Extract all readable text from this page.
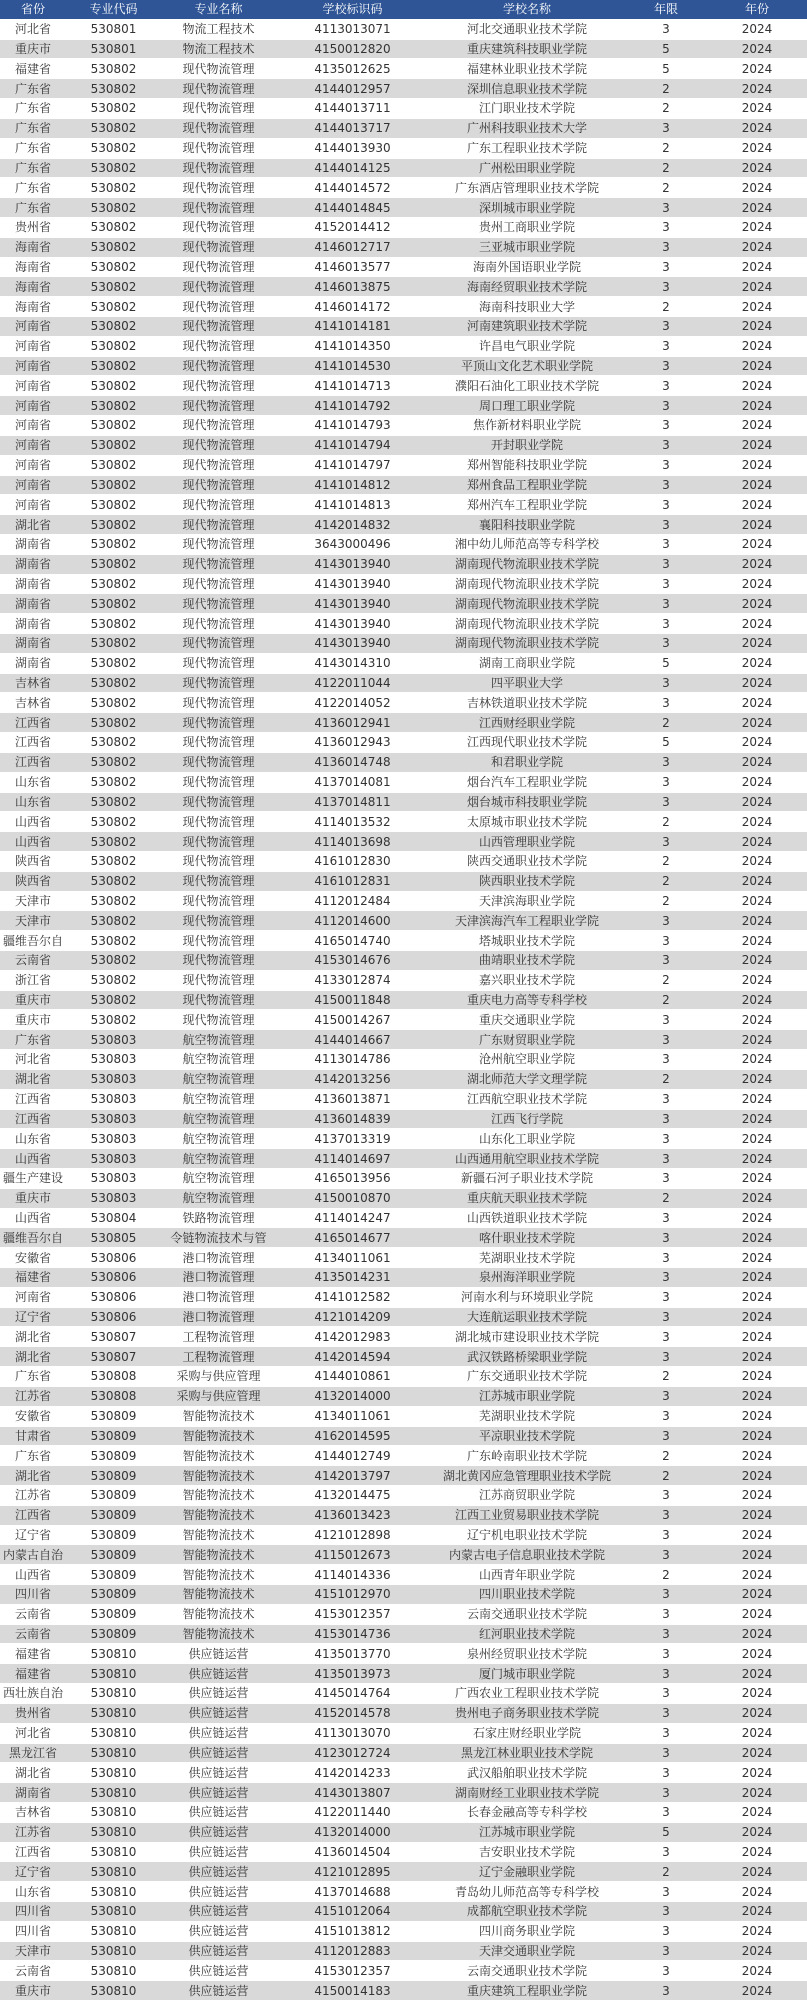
省份	专业代码	专业名称	学校标识码	学校名称	年限	年份
河北省	530801	物流工程技术	4113013071	河北交通职业技术学院	3	2024
重庆市	530801	物流工程技术	4150012820	重庆建筑科技职业学院	5	2024
福建省	530802	现代物流管理	4135012625	福建林业职业技术学院	5	2024
广东省	530802	现代物流管理	4144012957	深圳信息职业技术学院	2	2024
广东省	530802	现代物流管理	4144013711	江门职业技术学院	2	2024
广东省	530802	现代物流管理	4144013717	广州科技职业技术大学	3	2024
广东省	530802	现代物流管理	4144013930	广东工程职业技术学院	2	2024
广东省	530802	现代物流管理	4144014125	广州松田职业学院	2	2024
广东省	530802	现代物流管理	4144014572	广东酒店管理职业技术学院	2	2024
广东省	530802	现代物流管理	4144014845	深圳城市职业学院	3	2024
贵州省	530802	现代物流管理	4152014412	贵州工商职业学院	3	2024
海南省	530802	现代物流管理	4146012717	三亚城市职业学院	3	2024
海南省	530802	现代物流管理	4146013577	海南外国语职业学院	3	2024
海南省	530802	现代物流管理	4146013875	海南经贸职业技术学院	3	2024
海南省	530802	现代物流管理	4146014172	海南科技职业大学	2	2024
河南省	530802	现代物流管理	4141014181	河南建筑职业技术学院	3	2024
河南省	530802	现代物流管理	4141014350	许昌电气职业学院	3	2024
河南省	530802	现代物流管理	4141014530	平顶山文化艺术职业学院	3	2024
河南省	530802	现代物流管理	4141014713	濮阳石油化工职业技术学院	3	2024
河南省	530802	现代物流管理	4141014792	周口理工职业学院	3	2024
河南省	530802	现代物流管理	4141014793	焦作新材料职业学院	3	2024
河南省	530802	现代物流管理	4141014794	开封职业学院	3	2024
河南省	530802	现代物流管理	4141014797	郑州智能科技职业学院	3	2024
河南省	530802	现代物流管理	4141014812	郑州食品工程职业学院	3	2024
河南省	530802	现代物流管理	4141014813	郑州汽车工程职业学院	3	2024
湖北省	530802	现代物流管理	4142014832	襄阳科技职业学院	3	2024
湖南省	530802	现代物流管理	3643000496	湘中幼儿师范高等专科学校	3	2024
湖南省	530802	现代物流管理	4143013940	湖南现代物流职业技术学院	3	2024
湖南省	530802	现代物流管理	4143013940	湖南现代物流职业技术学院	3	2024
湖南省	530802	现代物流管理	4143013940	湖南现代物流职业技术学院	3	2024
湖南省	530802	现代物流管理	4143013940	湖南现代物流职业技术学院	3	2024
湖南省	530802	现代物流管理	4143013940	湖南现代物流职业技术学院	3	2024
湖南省	530802	现代物流管理	4143014310	湖南工商职业学院	5	2024
吉林省	530802	现代物流管理	4122011044	四平职业大学	3	2024
吉林省	530802	现代物流管理	4122014052	吉林铁道职业技术学院	3	2024
江西省	530802	现代物流管理	4136012941	江西财经职业学院	2	2024
江西省	530802	现代物流管理	4136012943	江西现代职业技术学院	5	2024
江西省	530802	现代物流管理	4136014748	和君职业学院	3	2024
山东省	530802	现代物流管理	4137014081	烟台汽车工程职业学院	3	2024
山东省	530802	现代物流管理	4137014811	烟台城市科技职业学院	3	2024
山西省	530802	现代物流管理	4114013532	太原城市职业技术学院	2	2024
山西省	530802	现代物流管理	4114013698	山西管理职业学院	3	2024
陕西省	530802	现代物流管理	4161012830	陕西交通职业技术学院	2	2024
陕西省	530802	现代物流管理	4161012831	陕西职业技术学院	2	2024
天津市	530802	现代物流管理	4112012484	天津滨海职业学院	2	2024
天津市	530802	现代物流管理	4112014600	天津滨海汽车工程职业学院	3	2024
疆维吾尔自	530802	现代物流管理	4165014740	塔城职业技术学院	3	2024
云南省	530802	现代物流管理	4153014676	曲靖职业技术学院	3	2024
浙江省	530802	现代物流管理	4133012874	嘉兴职业技术学院	2	2024
重庆市	530802	现代物流管理	4150011848	重庆电力高等专科学校	2	2024
重庆市	530802	现代物流管理	4150014267	重庆交通职业学院	3	2024
广东省	530803	航空物流管理	4144014667	广东财贸职业学院	3	2024
河北省	530803	航空物流管理	4113014786	沧州航空职业学院	3	2024
湖北省	530803	航空物流管理	4142013256	湖北师范大学文理学院	2	2024
江西省	530803	航空物流管理	4136013871	江西航空职业技术学院	3	2024
江西省	530803	航空物流管理	4136014839	江西飞行学院	3	2024
山东省	530803	航空物流管理	4137013319	山东化工职业学院	3	2024
山西省	530803	航空物流管理	4114014697	山西通用航空职业技术学院	3	2024
疆生产建设	530803	航空物流管理	4165013956	新疆石河子职业技术学院	3	2024
重庆市	530803	航空物流管理	4150010870	重庆航天职业技术学院	2	2024
山西省	530804	铁路物流管理	4114014247	山西铁道职业技术学院	3	2024
疆维吾尔自	530805	令链物流技术与管	4165014677	喀什职业技术学院	3	2024
安徽省	530806	港口物流管理	4134011061	芜湖职业技术学院	3	2024
福建省	530806	港口物流管理	4135014231	泉州海洋职业学院	3	2024
河南省	530806	港口物流管理	4141012582	河南水利与环境职业学院	3	2024
辽宁省	530806	港口物流管理	4121014209	大连航运职业技术学院	3	2024
湖北省	530807	工程物流管理	4142012983	湖北城市建设职业技术学院	3	2024
湖北省	530807	工程物流管理	4142014594	武汉铁路桥梁职业学院	3	2024
广东省	530808	采购与供应管理	4144010861	广东交通职业技术学院	2	2024
江苏省	530808	采购与供应管理	4132014000	江苏城市职业学院	3	2024
安徽省	530809	智能物流技术	4134011061	芜湖职业技术学院	3	2024
甘肃省	530809	智能物流技术	4162014595	平凉职业技术学院	3	2024
广东省	530809	智能物流技术	4144012749	广东岭南职业技术学院	2	2024
湖北省	530809	智能物流技术	4142013797	湖北黄冈应急管理职业技术学院	2	2024
江苏省	530809	智能物流技术	4132014475	江苏商贸职业学院	3	2024
江西省	530809	智能物流技术	4136013423	江西工业贸易职业技术学院	3	2024
辽宁省	530809	智能物流技术	4121012898	辽宁机电职业技术学院	3	2024
内蒙古自治	530809	智能物流技术	4115012673	内蒙古电子信息职业技术学院	3	2024
山西省	530809	智能物流技术	4114014336	山西青年职业学院	2	2024
四川省	530809	智能物流技术	4151012970	四川职业技术学院	3	2024
云南省	530809	智能物流技术	4153012357	云南交通职业技术学院	3	2024
云南省	530809	智能物流技术	4153014736	红河职业技术学院	3	2024
福建省	530810	供应链运营	4135013770	泉州经贸职业技术学院	3	2024
福建省	530810	供应链运营	4135013973	厦门城市职业学院	3	2024
西壮族自治	530810	供应链运营	4145014764	广西农业工程职业技术学院	3	2024
贵州省	530810	供应链运营	4152014578	贵州电子商务职业技术学院	3	2024
河北省	530810	供应链运营	4113013070	石家庄财经职业学院	3	2024
黑龙江省	530810	供应链运营	4123012724	黑龙江林业职业技术学院	3	2024
湖北省	530810	供应链运营	4142014233	武汉船舶职业技术学院	3	2024
湖南省	530810	供应链运营	4143013807	湖南财经工业职业技术学院	3	2024
吉林省	530810	供应链运营	4122011440	长春金融高等专科学校	3	2024
江苏省	530810	供应链运营	4132014000	江苏城市职业学院	5	2024
江西省	530810	供应链运营	4136014504	吉安职业技术学院	3	2024
辽宁省	530810	供应链运营	4121012895	辽宁金融职业学院	2	2024
山东省	530810	供应链运营	4137014688	青岛幼儿师范高等专科学校	3	2024
四川省	530810	供应链运营	4151012064	成都航空职业技术学院	3	2024
四川省	530810	供应链运营	4151013812	四川商务职业学院	3	2024
天津市	530810	供应链运营	4112012883	天津交通职业学院	3	2024
云南省	530810	供应链运营	4153012357	云南交通职业技术学院	3	2024
重庆市	530810	供应链运营	4150014183	重庆建筑工程职业学院	3	2024
